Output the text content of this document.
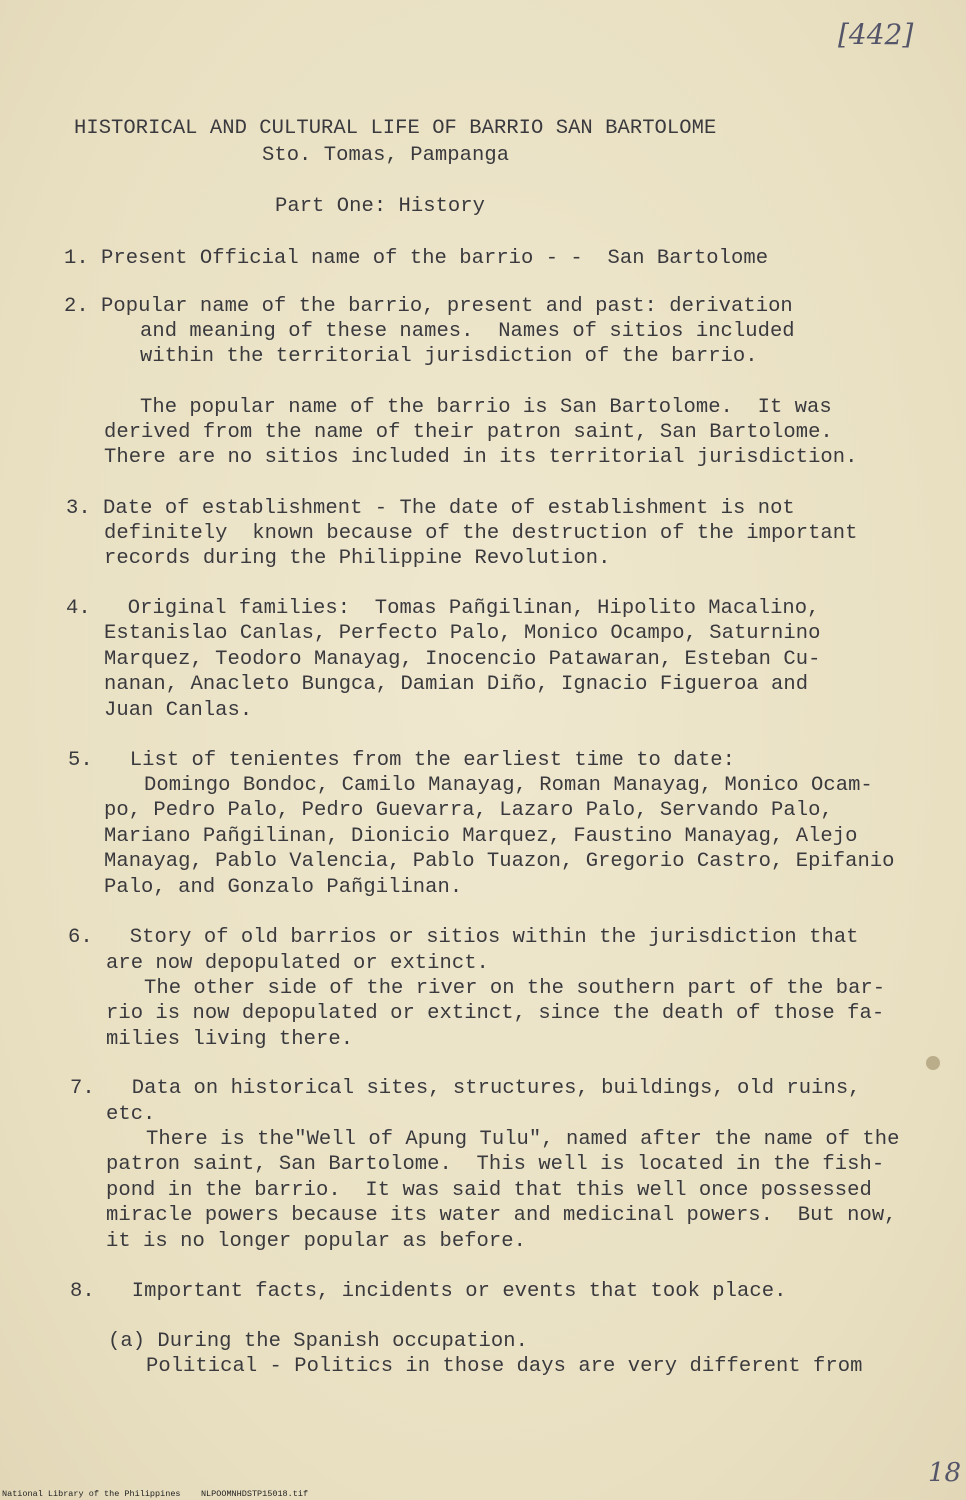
[442]
HISTORICAL AND CULTURAL LIFE OF BARRIO SAN BARTOLOME
Sto. Tomas, Pampanga
Part One: History
1. Present Official name of the barrio - -  San Bartolome
2. Popular name of the barrio, present and past: derivation
and meaning of these names.  Names of sitios included
within the territorial jurisdiction of the barrio.
The popular name of the barrio is San Bartolome.  It was
derived from the name of their patron saint, San Bartolome.
There are no sitios included in its territorial jurisdiction.
3. Date of establishment - The date of establishment is not
definitely  known because of the destruction of the important
records during the Philippine Revolution.
4.   Original families:  Tomas Pañgilinan, Hipolito Macalino,
Estanislao Canlas, Perfecto Palo, Monico Ocampo, Saturnino
Marquez, Teodoro Manayag, Inocencio Patawaran, Esteban Cu-
nanan, Anacleto Bungca, Damian Diño, Ignacio Figueroa and
Juan Canlas.
5.   List of tenientes from the earliest time to date:
Domingo Bondoc, Camilo Manayag, Roman Manayag, Monico Ocam-
po, Pedro Palo, Pedro Guevarra, Lazaro Palo, Servando Palo,
Mariano Pañgilinan, Dionicio Marquez, Faustino Manayag, Alejo
Manayag, Pablo Valencia, Pablo Tuazon, Gregorio Castro, Epifanio
Palo, and Gonzalo Pañgilinan.
6.   Story of old barrios or sitios within the jurisdiction that
are now depopulated or extinct.
The other side of the river on the southern part of the bar-
rio is now depopulated or extinct, since the death of those fa-
milies living there.
7.   Data on historical sites, structures, buildings, old ruins,
etc.
There is the"Well of Apung Tulu", named after the name of the
patron saint, San Bartolome.  This well is located in the fish-
pond in the barrio.  It was said that this well once possessed
miracle powers because its water and medicinal powers.  But now,
it is no longer popular as before.
8.   Important facts, incidents or events that took place.
(a) During the Spanish occupation.
Political - Politics in those days are very different from
18
National Library of the Philippines NLPOOMNHDSTP15018.tif
